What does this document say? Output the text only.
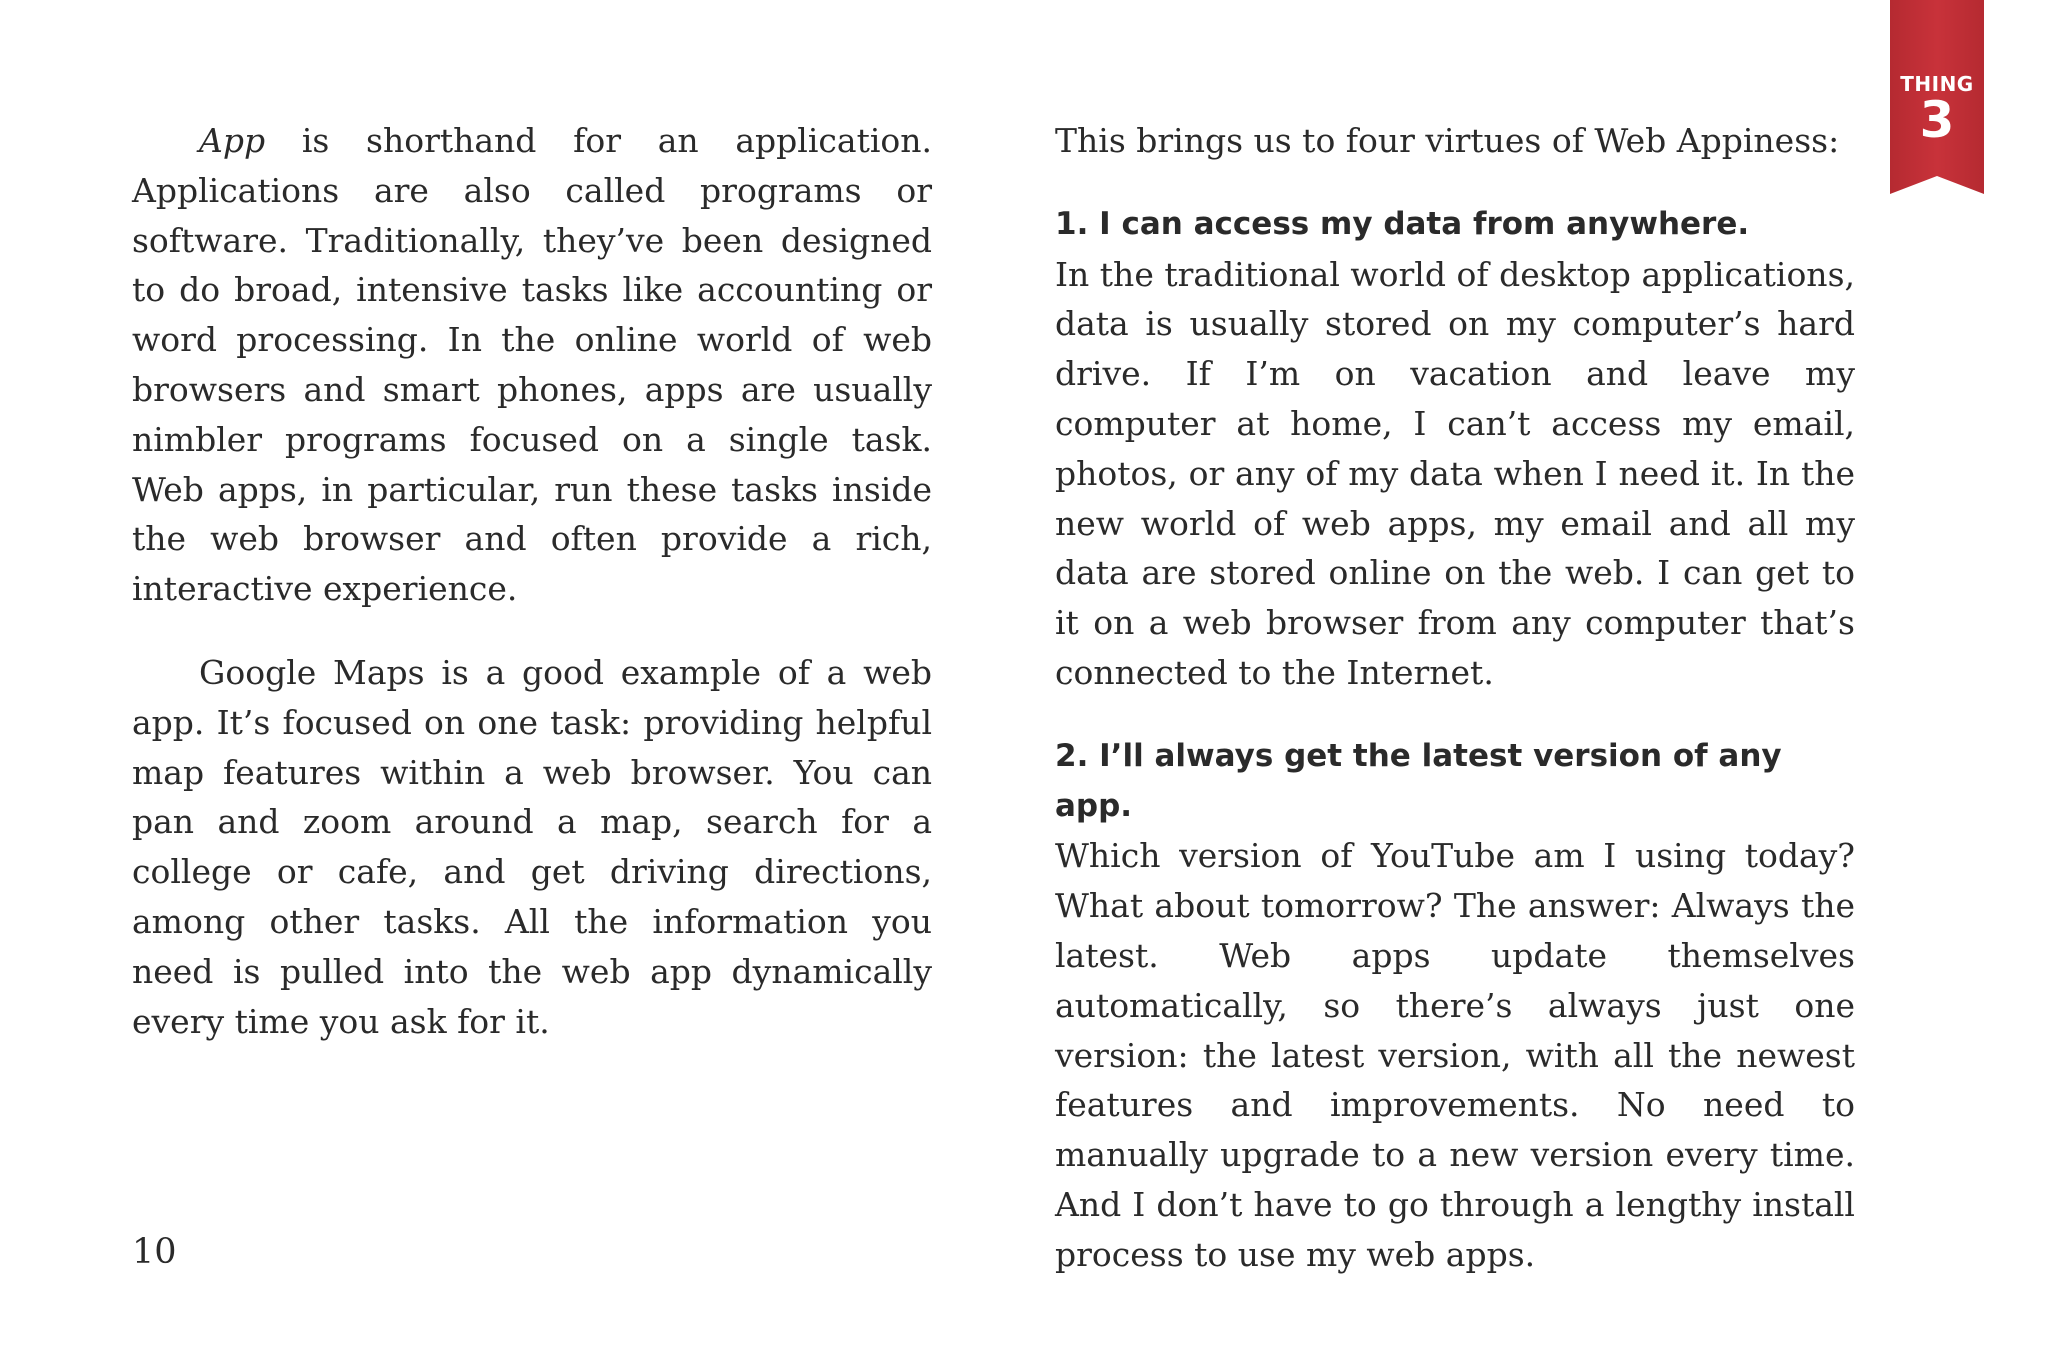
App is shorthand for an application. Applications are also called programs or software. Traditionally, they’ve been designed to do broad, intensive tasks like accounting or word processing. In the online world of web browsers and smart phones, apps are usually nimbler programs focused on a single task. Web apps, in particular, run these tasks inside the web browser and often provide a rich, interactive experience.

Google Maps is a good example of a web app. It’s focused on one task: providing helpful map features within a web browser. You can pan and zoom around a map, search for a college or cafe, and get driving directions, among other tasks. All the information you need is pulled into the web app dynamically every time you ask for it.

This brings us to four virtues of Web Appiness:

1. I can access my data from anywhere.

In the traditional world of desktop applications, data is usually stored on my computer’s hard drive. If I’m on vacation and leave my computer at home, I can’t access my email, photos, or any of my data when I need it. In the new world of web apps, my email and all my data are stored online on the web. I can get to it on a web browser from any computer that’s connected to the Internet.

2. I’ll always get the latest version of any app.

Which version of YouTube am I using today? What about tomorrow? The answer: Always the latest. Web apps update themselves automatically, so there’s always just one version: the latest version, with all the newest features and improvements. No need to manually upgrade to a new version every time. And I don’t have to go through a lengthy install process to use my web apps.

10
THING
3
